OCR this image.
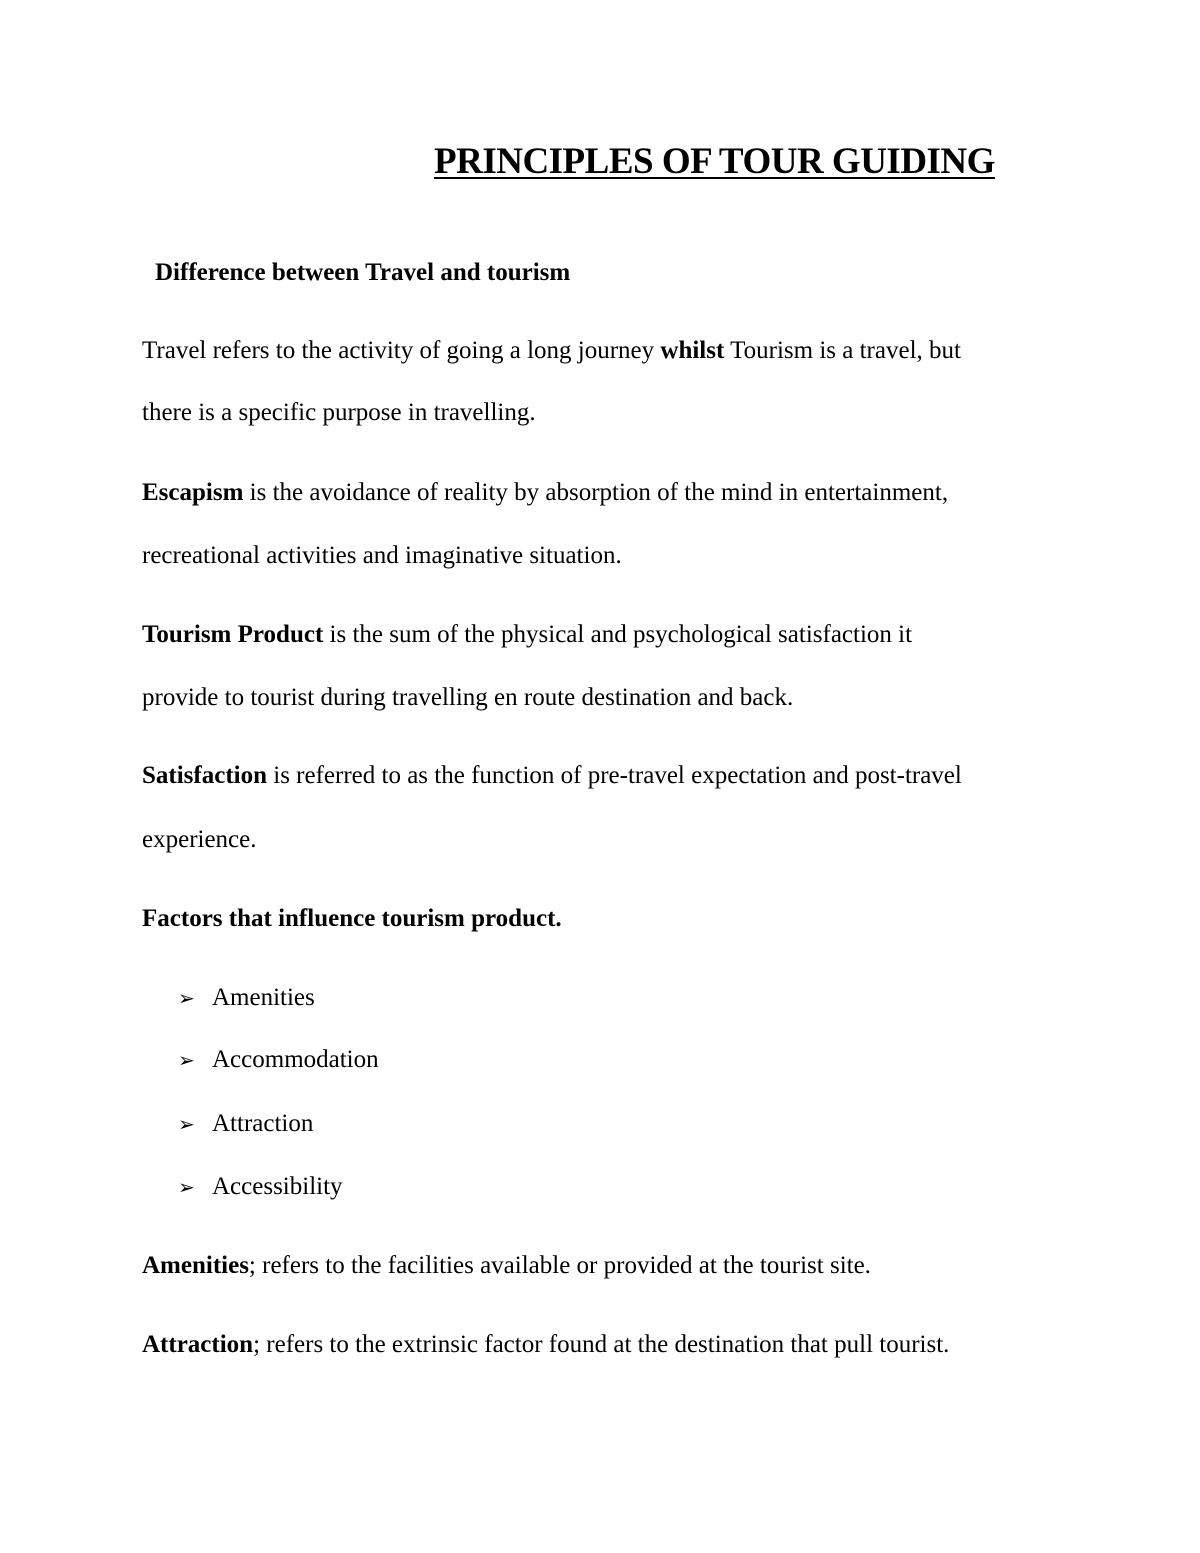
PRINCIPLES OF TOUR GUIDING
Difference between Travel and tourism
Travel refers to the activity of going a long journey whilst Tourism is a travel, but
there is a specific purpose in travelling.
Escapism is the avoidance of reality by absorption of the mind in entertainment,
recreational activities and imaginative situation.
Tourism Product is the sum of the physical and psychological satisfaction it
provide to tourist during travelling en route destination and back.
Satisfaction is referred to as the function of pre-travel expectation and post-travel
experience.
Factors that influence tourism product.
➢ Amenities
➢ Accommodation
➢ Attraction
➢ Accessibility
Amenities; refers to the facilities available or provided at the tourist site.
Attraction; refers to the extrinsic factor found at the destination that pull tourist.
